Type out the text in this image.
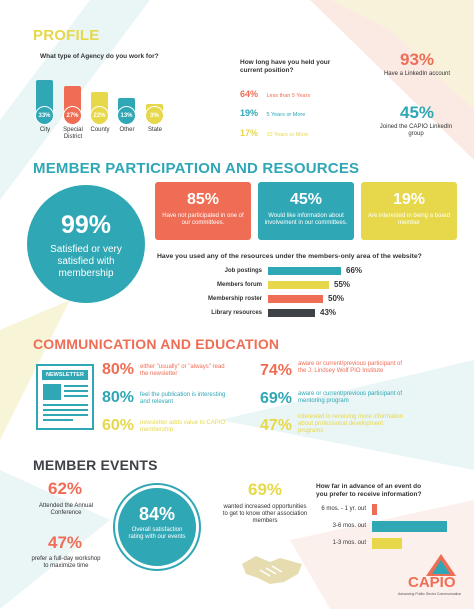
PROFILE
What type of Agency do you work for?
33%
City
27%
Special District
22%
County
13%
Other
3%
State
How long have you held your current position?
64% Less than 5 Years
19% 5 Years or More
17% 10 Years or More
93%
Have a LinkedIn account
45%
Joined the CAPIO LinkedIn group
MEMBER PARTICIPATION AND RESOURCES
99%
Satisfied or very satisfied with membership
85%
Have not participated in one of our committees.
45%
Would like information about involvement in our committees.
19%
Are interested in being a board member
Have you used any of the resources under the members-only area of the website?
Job postings	66%
Members forum	55%
Membership roster	50%
Library resources	43%
COMMUNICATION AND EDUCATION
NEWSLETTER 80% either "usually" or "always" read the newsletter
80% feel the publication is interesting and relevant
60% newsletter adds value to CAPIO membership
74% aware or current/previous participant of the J. Lindsey Wolf PIO Institute
69% aware or current/previous participant of mentoring program
47% interested in receiving more information about professional development programs
MEMBER EVENTS
62%
Attended the Annual Conference
47%
prefer a full-day workshop to maximize time
84%
Overall satisfaction rating with our events
69%
wanted increased opportunities to get to know other association members
How far in advance of an event do you prefer to receive information?
6 mos. - 1 yr. out
3-6 mos. out
1-3 mos. out
CAPIO
Advancing Public Sector Communication
